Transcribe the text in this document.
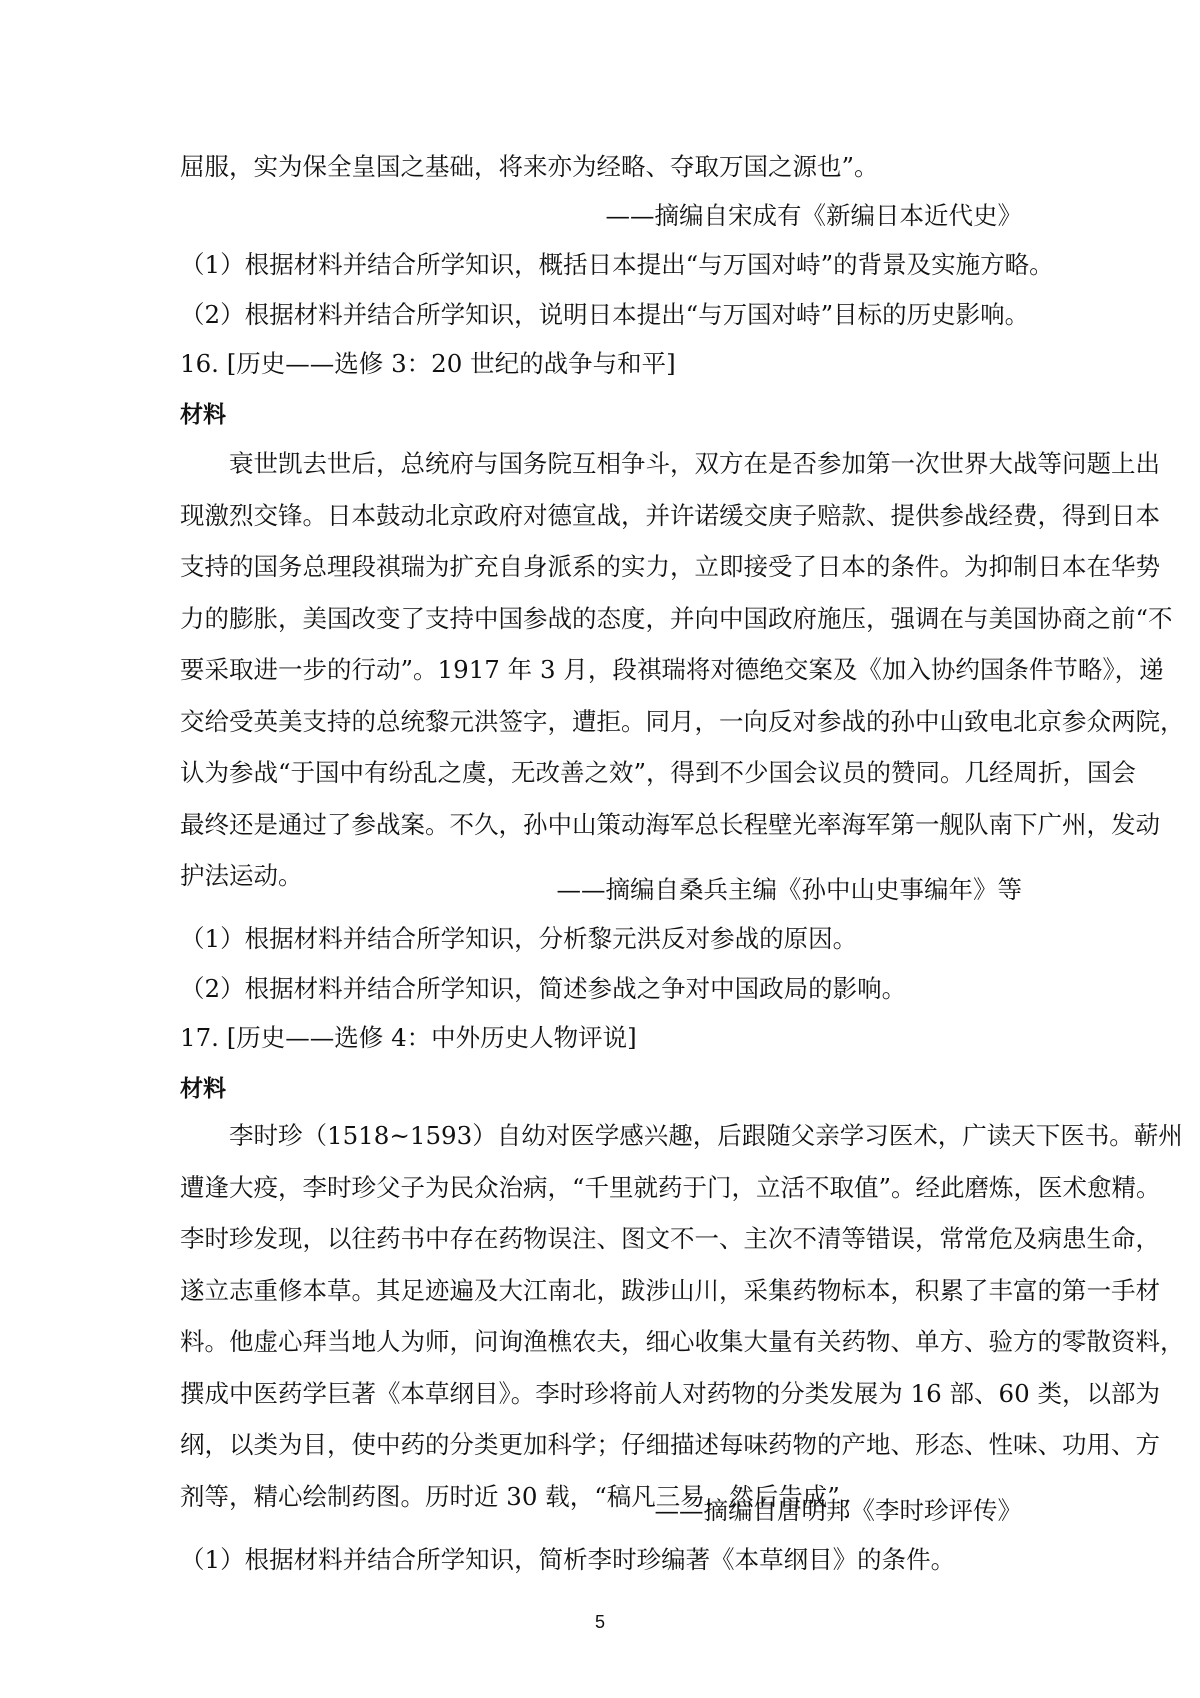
屈服，实为保全皇国之基础，将来亦为经略、夺取万国之源也”。
——摘编自宋成有《新编日本近代史》
（1）根据材料并结合所学知识，概括日本提出“与万国对峙”的背景及实施方略。
（2）根据材料并结合所学知识，说明日本提出“与万国对峙”目标的历史影响。
16. [历史——选修 3：20 世纪的战争与和平]
材料
衰世凯去世后，总统府与国务院互相争斗，双方在是否参加第一次世界大战等问题上出
现激烈交锋。日本鼓动北京政府对德宣战，并许诺缓交庚子赔款、提供参战经费，得到日本
支持的国务总理段祺瑞为扩充自身派系的实力，立即接受了日本的条件。为抑制日本在华势
力的膨胀，美国改变了支持中国参战的态度，并向中国政府施压，强调在与美国协商之前“不
要采取进一步的行动”。1917 年 3 月，段祺瑞将对德绝交案及《加入协约国条件节略》，递
交给受英美支持的总统黎元洪签字，遭拒。同月，一向反对参战的孙中山致电北京参众两院，
认为参战“于国中有纷乱之虞，无改善之效”，得到不少国会议员的赞同。几经周折，国会
最终还是通过了参战案。不久，孙中山策动海军总长程壁光率海军第一舰队南下广州，发动
护法运动。	——摘编自桑兵主编《孙中山史事编年》等
（1）根据材料并结合所学知识，分析黎元洪反对参战的原因。
（2）根据材料并结合所学知识，简述参战之争对中国政局的影响。
17. [历史——选修 4：中外历史人物评说]
材料
李时珍（1518~1593）自幼对医学感兴趣，后跟随父亲学习医术，广读天下医书。蕲州
遭逢大疫，李时珍父子为民众治病，“千里就药于门，立活不取值”。经此磨炼，医术愈精。
李时珍发现，以往药书中存在药物误注、图文不一、主次不清等错误，常常危及病患生命，
遂立志重修本草。其足迹遍及大江南北，跋涉山川，采集药物标本，积累了丰富的第一手材
料。他虚心拜当地人为师，问询渔樵农夫，细心收集大量有关药物、单方、验方的零散资料，
撰成中医药学巨著《本草纲目》。李时珍将前人对药物的分类发展为 16 部、60 类，以部为
纲，以类为目，使中药的分类更加科学；仔细描述每味药物的产地、形态、性味、功用、方
剂等，精心绘制药图。历时近 30 载，“稿凡三易，然后告成”。
——摘编自唐明邦《李时珍评传》
（1）根据材料并结合所学知识，简析李时珍编著《本草纲目》的条件。
5
